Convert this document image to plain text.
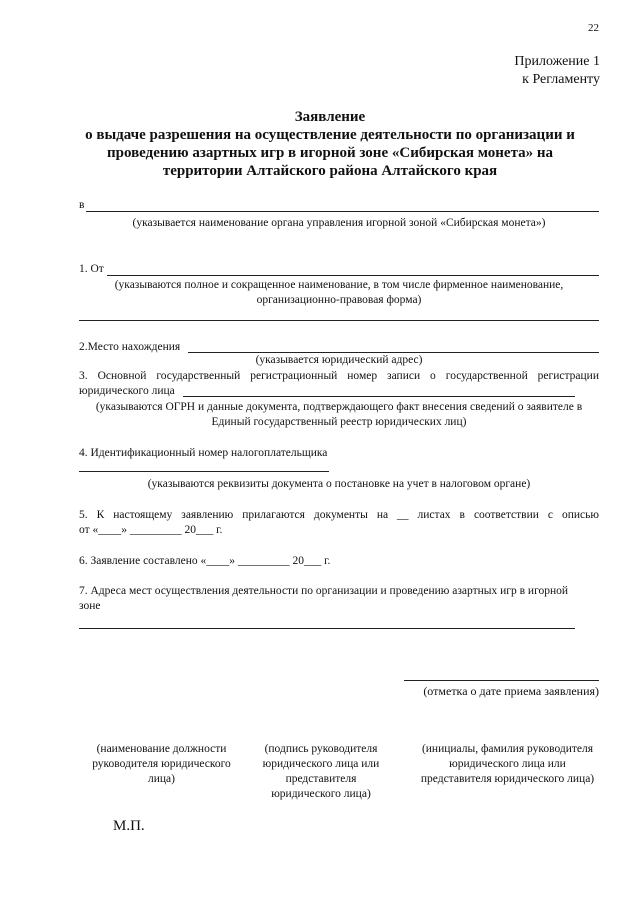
22
Приложение 1
к Регламенту
Заявление
о выдаче разрешения на осуществление деятельности по организации и проведению азартных игр в игорной зоне «Сибирская монета» на территории Алтайского района Алтайского края
в
(указывается наименование органа управления игорной зоной «Сибирская монета»)
1. От
(указываются полное и сокращенное наименование, в том числе фирменное наименование, организационно-правовая форма)
2.Место нахождения
(указывается юридический адрес)
3. Основной государственный регистрационный номер записи о государственной регистрации
юридического лица
(указываются ОГРН и данные документа, подтверждающего факт внесения сведений о заявителе в Единый государственный реестр юридических лиц)
4. Идентификационный номер налогоплательщика
(указываются реквизиты документа о постановке на учет в налоговом органе)
5. К настоящему заявлению прилагаются документы на __ листах в соответствии с описью
от «____» _________ 20___ г.
6. Заявление составлено «____» _________ 20___ г.
7. Адреса мест осуществления деятельности по организации и проведению азартных игр в игорной зоне
(отметка о дате приема заявления)
(наименование должности руководителя юридического лица)
(подпись руководителя юридического лица или представителя юридического лица)
(инициалы, фамилия руководителя юридического лица или представителя юридического лица)
М.П.
